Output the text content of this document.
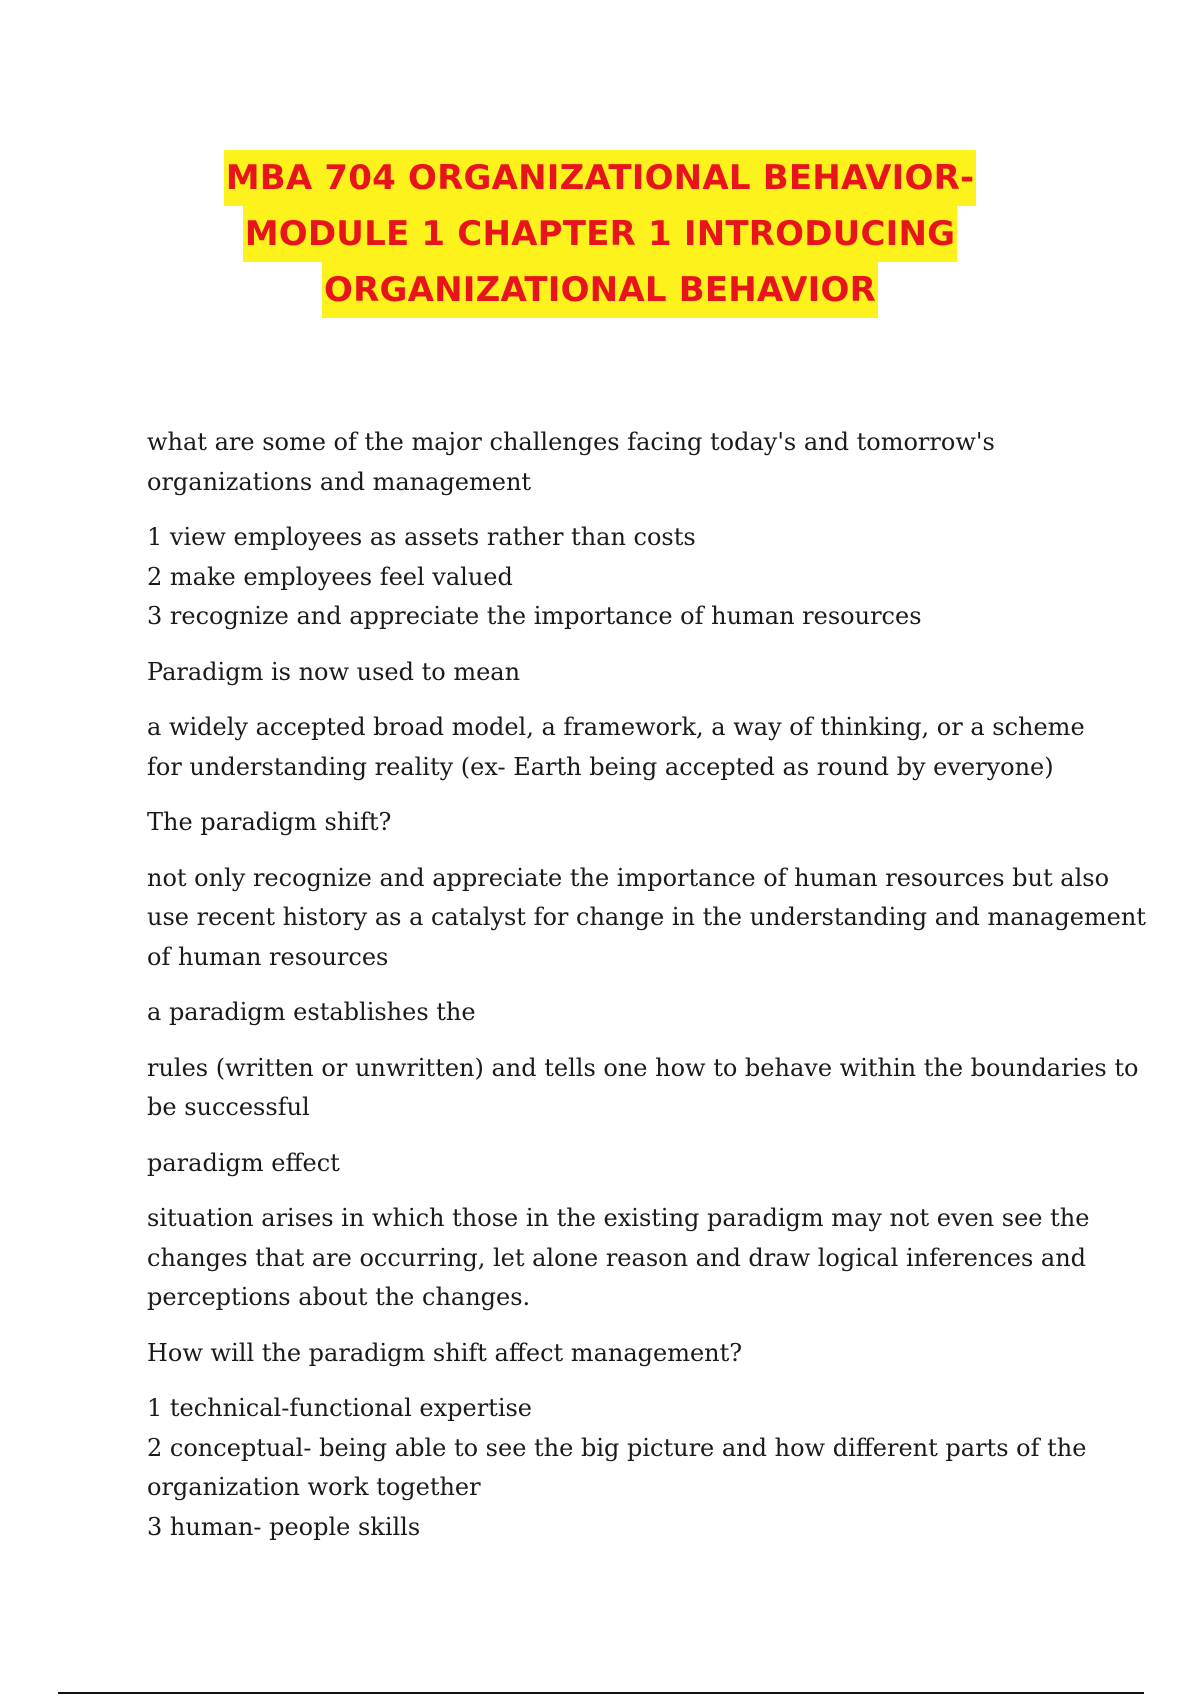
MBA 704 ORGANIZATIONAL BEHAVIOR-
MODULE 1 CHAPTER 1 INTRODUCING
ORGANIZATIONAL BEHAVIOR

what are some of the major challenges facing today's and tomorrow's
organizations and management

1 view employees as assets rather than costs
2 make employees feel valued
3 recognize and appreciate the importance of human resources

Paradigm is now used to mean

a widely accepted broad model, a framework, a way of thinking, or a scheme
for understanding reality (ex- Earth being accepted as round by everyone)

The paradigm shift?

not only recognize and appreciate the importance of human resources but also
use recent history as a catalyst for change in the understanding and management
of human resources

a paradigm establishes the

rules (written or unwritten) and tells one how to behave within the boundaries to
be successful

paradigm effect

situation arises in which those in the existing paradigm may not even see the
changes that are occurring, let alone reason and draw logical inferences and
perceptions about the changes.

How will the paradigm shift affect management?

1 technical-functional expertise
2 conceptual- being able to see the big picture and how different parts of the
organization work together
3 human- people skills
